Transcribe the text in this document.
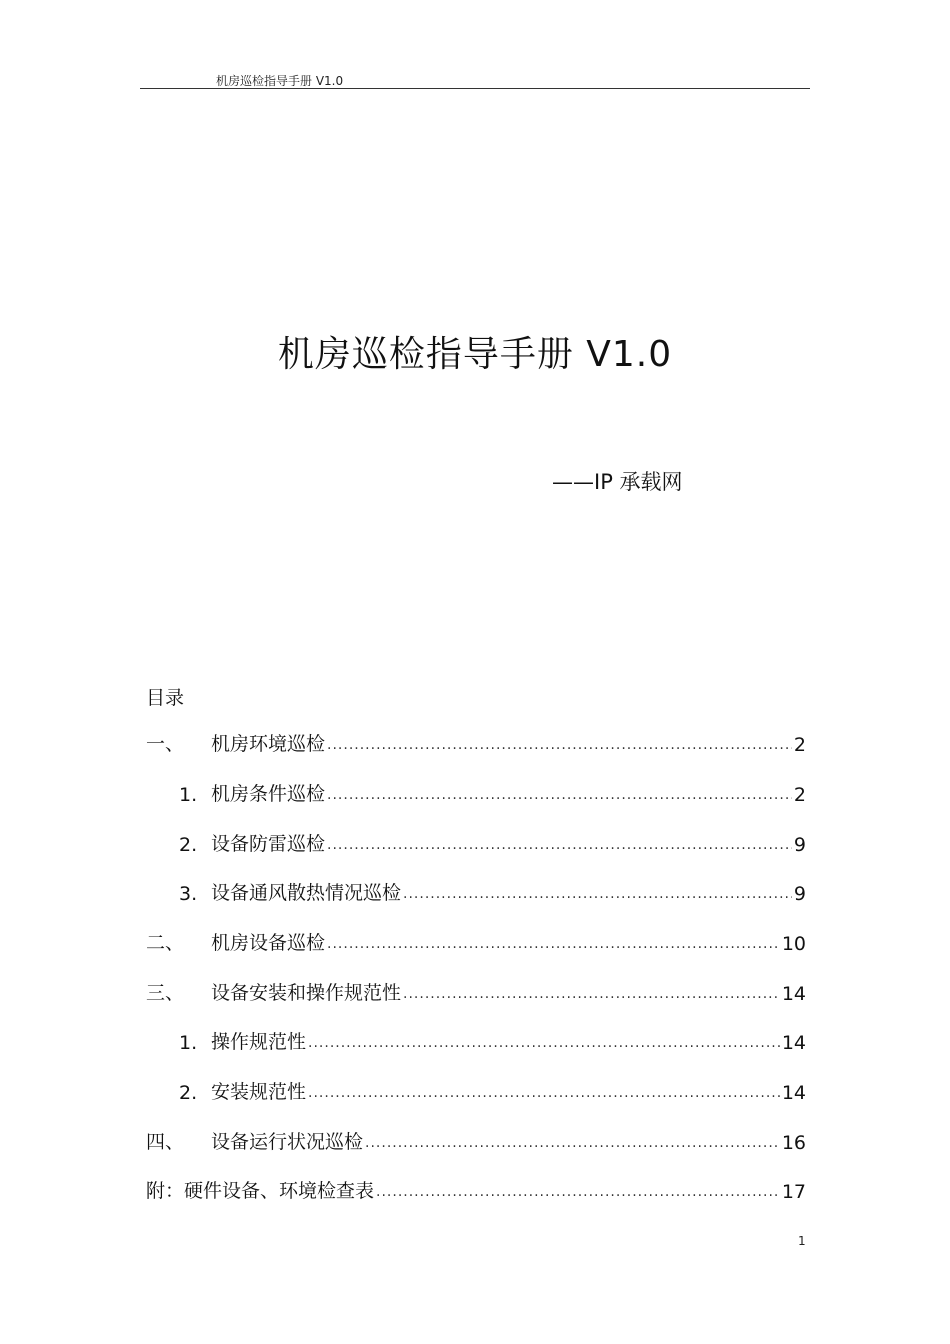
机房巡检指导手册 V1.0
机房巡检指导手册 V1.0
——IP 承载网
目录
一、	机房环境巡检 .....	2
1. 机房条件巡检 .....	2
2. 设备防雷巡检 .....	9
3. 设备通风散热情况巡检 .....	9
二、	机房设备巡检 .....	10
三、	设备安装和操作规范性 .....	14
1. 操作规范性 .....	14
2. 安装规范性 .....	14
四、	设备运行状况巡检 .....	16
附： 硬件设备、环境检查表 .....	17
1
